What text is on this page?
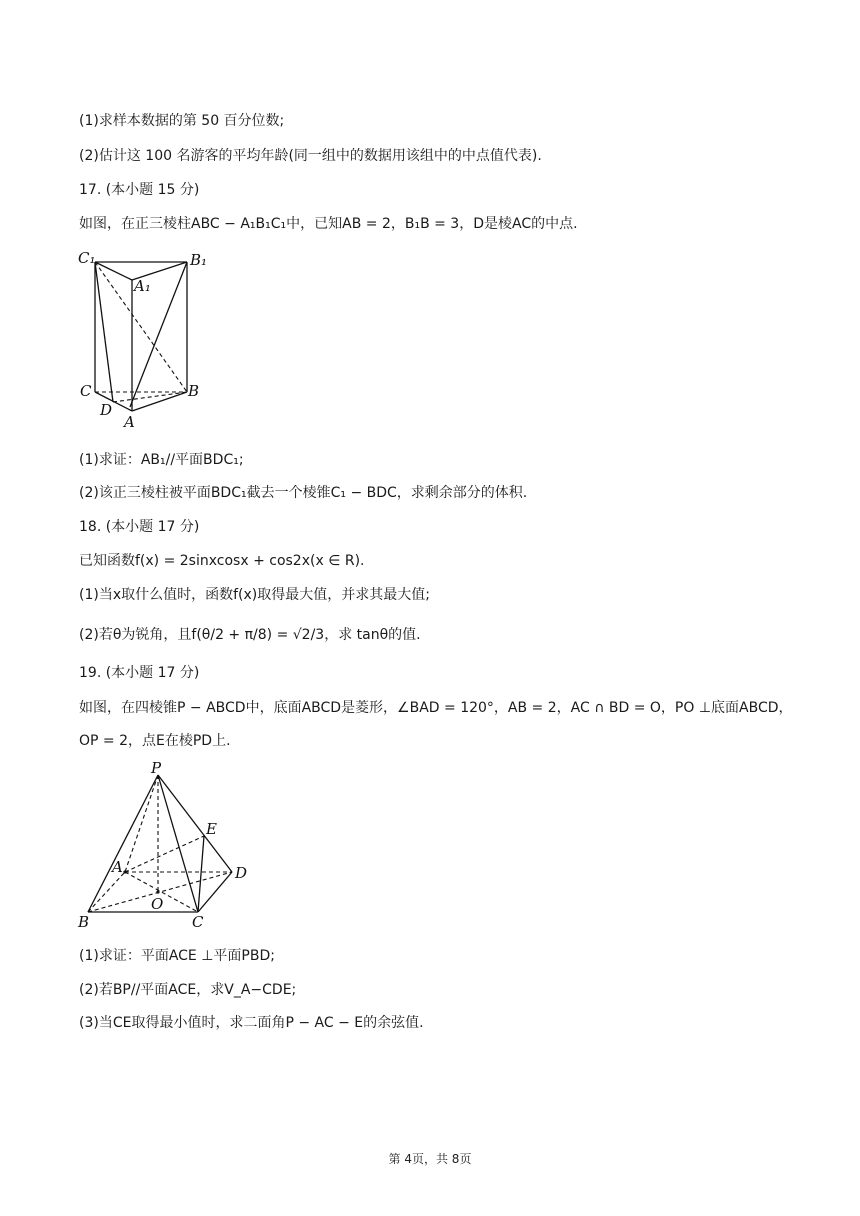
(1)求样本数据的第 50 百分位数;
(2)估计这 100 名游客的平均年龄(同一组中的数据用该组中的中点值代表).
17. (本小题 15 分)
如图，在正三棱柱ABC − A₁B₁C₁中，已知AB = 2，B₁B = 3，D是棱AC的中点.
C₁	B₁
A₁
C	B
D
A
(1)求证：AB₁//平面BDC₁;
(2)该正三棱柱被平面BDC₁截去一个棱锥C₁ − BDC，求剩余部分的体积.
18. (本小题 17 分)
已知函数f(x) = 2sinxcosx + cos2x(x ∈ R).
(1)当x取什么值时，函数f(x)取得最大值，并求其最大值;
(2)若θ为锐角，且f(θ/2 + π/8) = √2/3，求 tanθ的值.
19. (本小题 17 分)
如图，在四棱锥P − ABCD中，底面ABCD是菱形，∠BAD = 120°，AB = 2，AC ∩ BD = O，PO ⊥底面ABCD，
OP = 2，点E在棱PD上.
P
E
A	D
O
B	C
(1)求证：平面ACE ⊥平面PBD;
(2)若BP//平面ACE，求V_A−CDE;
(3)当CE取得最小值时，求二面角P − AC − E的余弦值.
第 4页，共 8页
